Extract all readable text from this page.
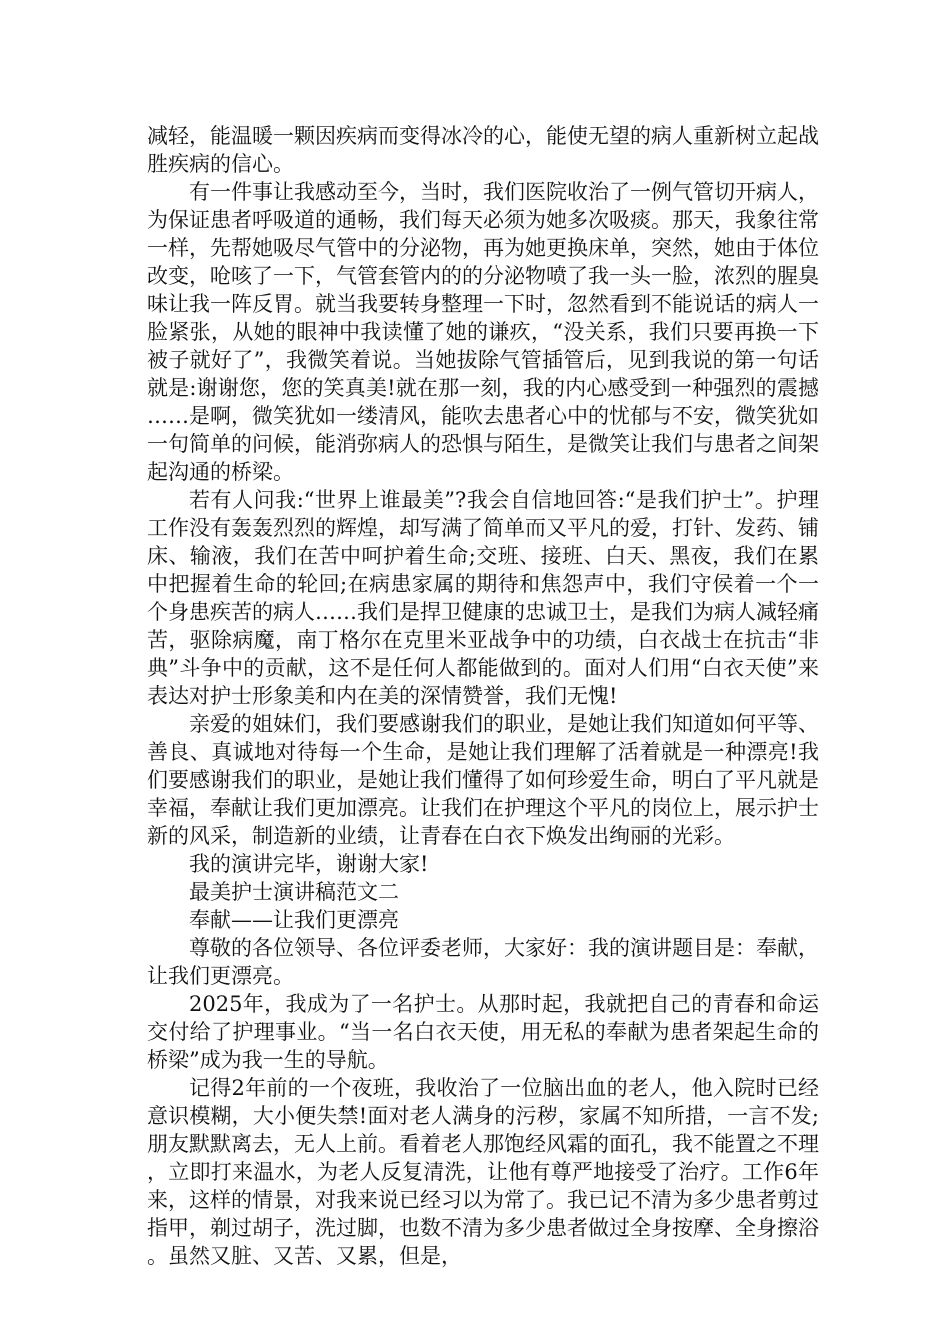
减轻，能温暖一颗因疾病而变得冰冷的心，能使无望的病人重新树立起战胜疾病的信心。

有一件事让我感动至今，当时，我们医院收治了一例气管切开病人，为保证患者呼吸道的通畅，我们每天必须为她多次吸痰。那天，我象往常一样，先帮她吸尽气管中的分泌物，再为她更换床单，突然，她由于体位改变，呛咳了一下，气管套管内的的分泌物喷了我一头一脸，浓烈的腥臭味让我一阵反胃。就当我要转身整理一下时，忽然看到不能说话的病人一脸紧张，从她的眼神中我读懂了她的谦疚，“没关系，我们只要再换一下被子就好了”，我微笑着说。当她拔除气管插管后，见到我说的第一句话就是:谢谢您，您的笑真美!就在那一刻，我的内心感受到一种强烈的震撼……是啊，微笑犹如一缕清风，能吹去患者心中的忧郁与不安，微笑犹如一句简单的问候，能消弥病人的恐惧与陌生，是微笑让我们与患者之间架起沟通的桥梁。

若有人问我:“世界上谁最美”?我会自信地回答:“是我们护士”。护理工作没有轰轰烈烈的辉煌，却写满了简单而又平凡的爱，打针、发药、铺床、输液，我们在苦中呵护着生命;交班、接班、白天、黑夜，我们在累中把握着生命的轮回;在病患家属的期待和焦怨声中，我们守侯着一个一个身患疾苦的病人……我们是捍卫健康的忠诚卫士，是我们为病人减轻痛苦，驱除病魔，南丁格尔在克里米亚战争中的功绩，白衣战士在抗击“非典”斗争中的贡献，这不是任何人都能做到的。面对人们用“白衣天使”来表达对护士形象美和内在美的深情赞誉，我们无愧!

亲爱的姐妹们，我们要感谢我们的职业，是她让我们知道如何平等、善良、真诚地对待每一个生命，是她让我们理解了活着就是一种漂亮!我们要感谢我们的职业，是她让我们懂得了如何珍爱生命，明白了平凡就是幸福，奉献让我们更加漂亮。让我们在护理这个平凡的岗位上，展示护士新的风采，制造新的业绩，让青春在白衣下焕发出绚丽的光彩。

我的演讲完毕，谢谢大家!

最美护士演讲稿范文二

奉献——让我们更漂亮

尊敬的各位领导、各位评委老师，大家好：我的演讲题目是：奉献，让我们更漂亮。

2025年，我成为了一名护士。从那时起，我就把自己的青春和命运交付给了护理事业。“当一名白衣天使，用无私的奉献为患者架起生命的桥梁”成为我一生的导航。

记得2年前的一个夜班，我收治了一位脑出血的老人，他入院时已经意识模糊，大小便失禁!面对老人满身的污秽，家属不知所措，一言不发;朋友默默离去，无人上前。看着老人那饱经风霜的面孔，我不能置之不理，立即打来温水，为老人反复清洗，让他有尊严地接受了治疗。工作6年来，这样的情景，对我来说已经习以为常了。我已记不清为多少患者剪过指甲，剃过胡子，洗过脚，也数不清为多少患者做过全身按摩、全身擦浴。虽然又脏、又苦、又累，但是，
